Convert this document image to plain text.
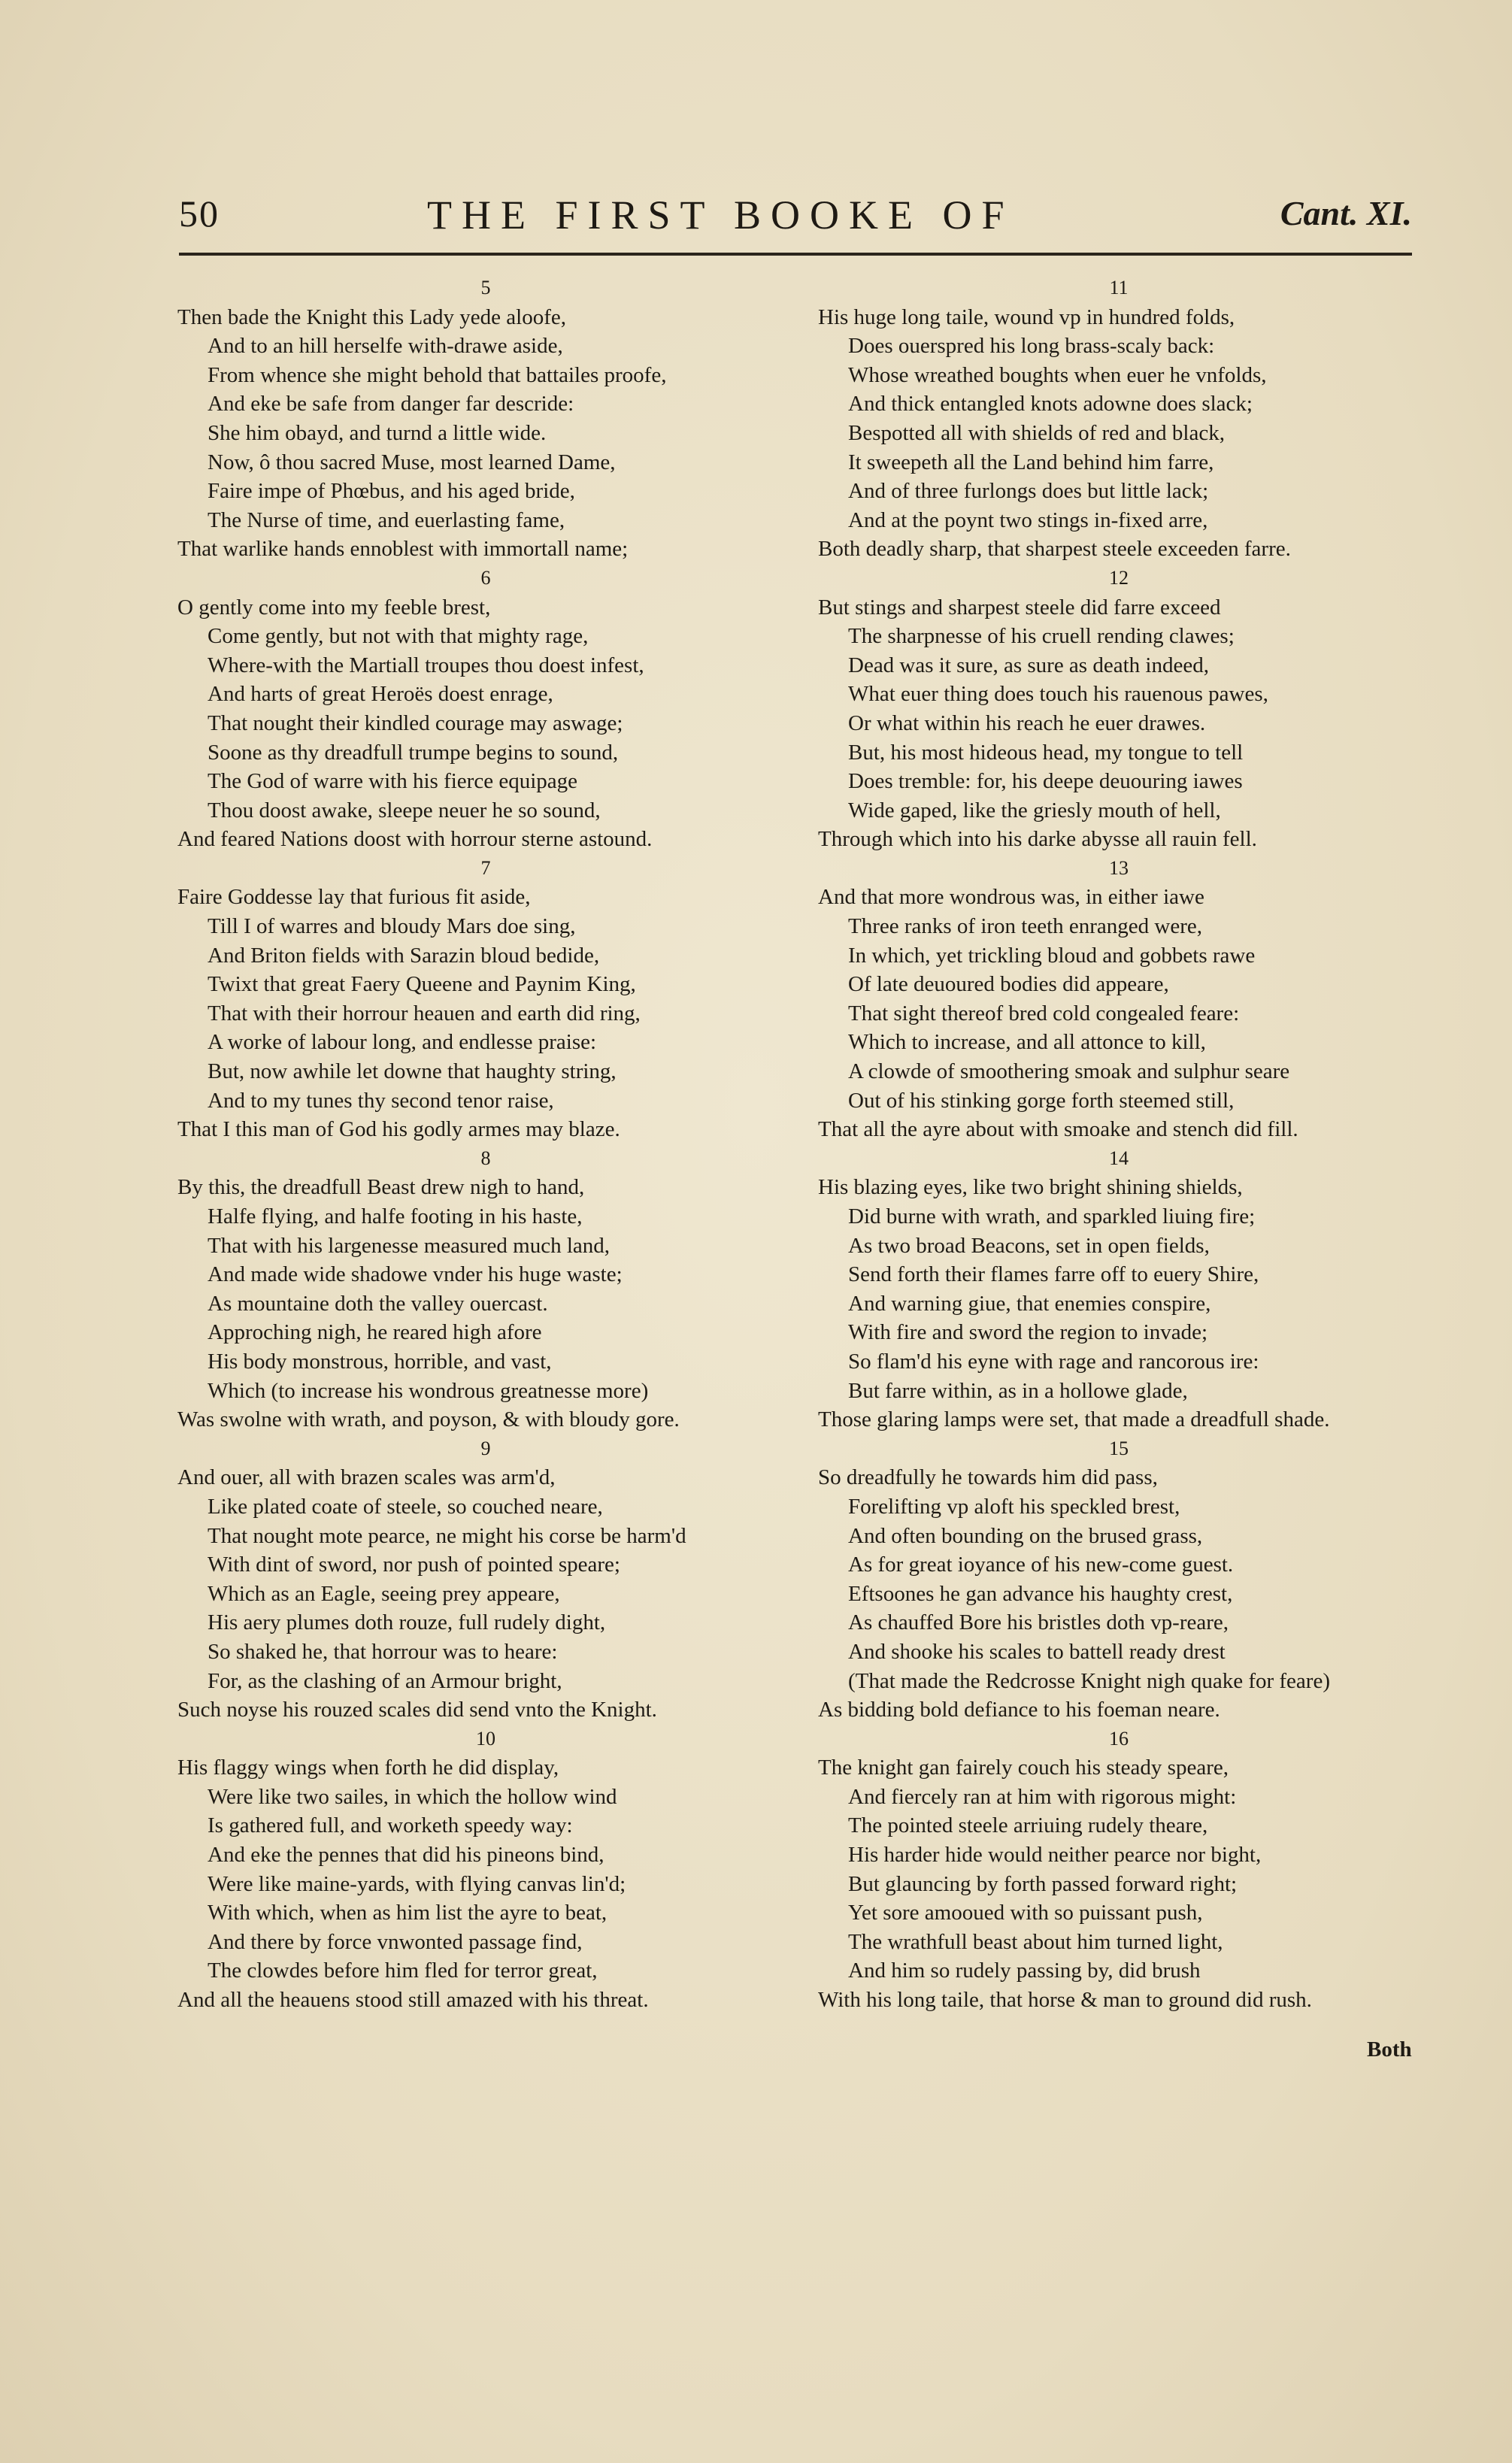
50	THE FIRST BOOKE OF	Cant. XI.
5
Then bade the Knight this Lady yede aloofe,
And to an hill herselfe with-drawe aside,
From whence she might behold that battailes proofe,
And eke be safe from danger far descride:
She him obayd, and turnd a little wide.
Now, ô thou sacred Muse, most learned Dame,
Faire impe of Phœbus, and his aged bride,
The Nurse of time, and euerlasting fame,
That warlike hands ennoblest with immortall name;
6
O gently come into my feeble brest,
Come gently, but not with that mighty rage,
Where-with the Martiall troupes thou doest infest,
And harts of great Heroës doest enrage,
That nought their kindled courage may aswage;
Soone as thy dreadfull trumpe begins to sound,
The God of warre with his fierce equipage
Thou doost awake, sleepe neuer he so sound,
And feared Nations doost with horrour sterne astound.
7
Faire Goddesse lay that furious fit aside,
Till I of warres and bloudy Mars doe sing,
And Briton fields with Sarazin bloud bedide,
Twixt that great Faery Queene and Paynim King,
That with their horrour heauen and earth did ring,
A worke of labour long, and endlesse praise:
But, now awhile let downe that haughty string,
And to my tunes thy second tenor raise,
That I this man of God his godly armes may blaze.
8
By this, the dreadfull Beast drew nigh to hand,
Halfe flying, and halfe footing in his haste,
That with his largenesse measured much land,
And made wide shadowe vnder his huge waste;
As mountaine doth the valley ouercast.
Approching nigh, he reared high afore
His body monstrous, horrible, and vast,
Which (to increase his wondrous greatnesse more)
Was swolne with wrath, and poyson, & with bloudy gore.
9
And ouer, all with brazen scales was arm'd,
Like plated coate of steele, so couched neare,
That nought mote pearce, ne might his corse be harm'd
With dint of sword, nor push of pointed speare;
Which as an Eagle, seeing prey appeare,
His aery plumes doth rouze, full rudely dight,
So shaked he, that horrour was to heare:
For, as the clashing of an Armour bright,
Such noyse his rouzed scales did send vnto the Knight.
10
His flaggy wings when forth he did display,
Were like two sailes, in which the hollow wind
Is gathered full, and worketh speedy way:
And eke the pennes that did his pineons bind,
Were like maine-yards, with flying canvas lin'd;
With which, when as him list the ayre to beat,
And there by force vnwonted passage find,
The clowdes before him fled for terror great,
And all the heauens stood still amazed with his threat.
11
His huge long taile, wound vp in hundred folds,
Does ouerspred his long brass-scaly back:
Whose wreathed boughts when euer he vnfolds,
And thick entangled knots adowne does slack;
Bespotted all with shields of red and black,
It sweepeth all the Land behind him farre,
And of three furlongs does but little lack;
And at the poynt two stings in-fixed arre,
Both deadly sharp, that sharpest steele exceeden farre.
12
But stings and sharpest steele did farre exceed
The sharpnesse of his cruell rending clawes;
Dead was it sure, as sure as death indeed,
What euer thing does touch his rauenous pawes,
Or what within his reach he euer drawes.
But, his most hideous head, my tongue to tell
Does tremble: for, his deepe deuouring iawes
Wide gaped, like the griesly mouth of hell,
Through which into his darke abysse all rauin fell.
13
And that more wondrous was, in either iawe
Three ranks of iron teeth enranged were,
In which, yet trickling bloud and gobbets rawe
Of late deuoured bodies did appeare,
That sight thereof bred cold congealed feare:
Which to increase, and all attonce to kill,
A clowde of smoothering smoak and sulphur seare
Out of his stinking gorge forth steemed still,
That all the ayre about with smoake and stench did fill.
14
His blazing eyes, like two bright shining shields,
Did burne with wrath, and sparkled liuing fire;
As two broad Beacons, set in open fields,
Send forth their flames farre off to euery Shire,
And warning giue, that enemies conspire,
With fire and sword the region to invade;
So flam'd his eyne with rage and rancorous ire:
But farre within, as in a hollowe glade,
Those glaring lamps were set, that made a dreadfull shade.
15
So dreadfully he towards him did pass,
Forelifting vp aloft his speckled brest,
And often bounding on the brused grass,
As for great ioyance of his new-come guest.
Eftsoones he gan advance his haughty crest,
As chauffed Bore his bristles doth vp-reare,
And shooke his scales to battell ready drest
(That made the Redcrosse Knight nigh quake for feare)
As bidding bold defiance to his foeman neare.
16
The knight gan fairely couch his steady speare,
And fiercely ran at him with rigorous might:
The pointed steele arriuing rudely theare,
His harder hide would neither pearce nor bight,
But glauncing by forth passed forward right;
Yet sore amooued with so puissant push,
The wrathfull beast about him turned light,
And him so rudely passing by, did brush
With his long taile, that horse & man to ground did rush.
Both
